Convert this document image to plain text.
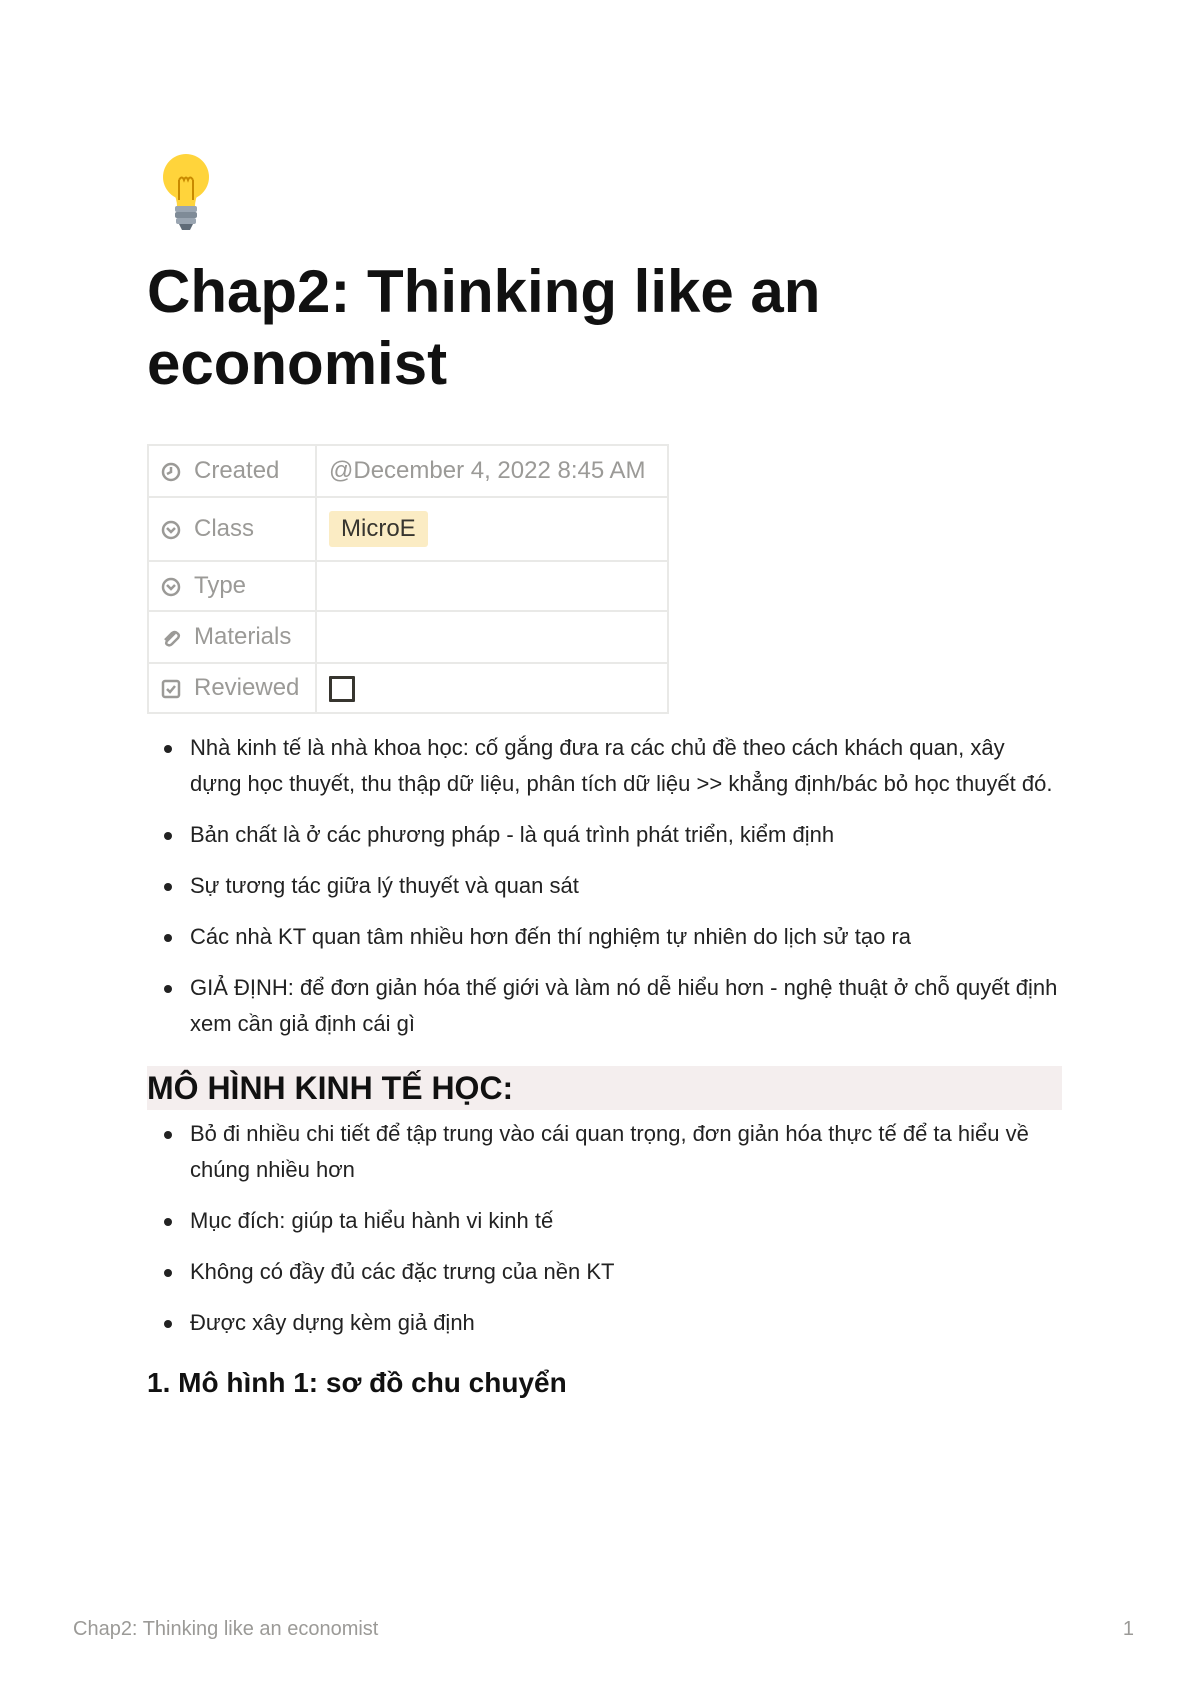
Chap2: Thinking like an economist
Created	@December 4, 2022 8:45 AM

Class	MicroE

Type	

Materials	

Reviewed	

Nhà kinh tế là nhà khoa học: cố gắng đưa ra các chủ đề theo cách khách quan, xây dựng học thuyết, thu thập dữ liệu, phân tích dữ liệu >> khẳng định/bác bỏ học thuyết đó.
Bản chất là ở các phương pháp - là quá trình phát triển, kiểm định
Sự tương tác giữa lý thuyết và quan sát
Các nhà KT quan tâm nhiều hơn đến thí nghiệm tự nhiên do lịch sử tạo ra
GIẢ ĐỊNH: để đơn giản hóa thế giới và làm nó dễ hiểu hơn - nghệ thuật ở chỗ quyết định xem cần giả định cái gì
MÔ HÌNH KINH TẾ HỌC:
Bỏ đi nhiều chi tiết để tập trung vào cái quan trọng, đơn giản hóa thực tế để ta hiểu về chúng nhiều hơn
Mục đích: giúp ta hiểu hành vi kinh tế
Không có đầy đủ các đặc trưng của nền KT
Được xây dựng kèm giả định
1. Mô hình 1: sơ đồ chu chuyển
Chap2: Thinking like an economist	1
